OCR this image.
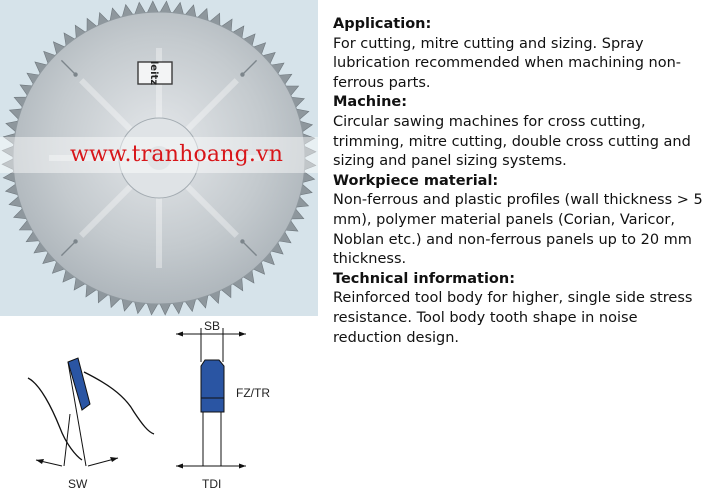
leitz
www.tranhoang.vn
Application:

For cutting, mitre cutting and sizing. Spray lubrication recommended when machining non-ferrous parts.

Machine:

Circular sawing machines for cross cutting, trimming, mitre cutting, double cross cutting and sizing and panel sizing systems.

Workpiece material:

Non-ferrous and plastic profiles (wall thickness > 5 mm), polymer material panels (Corian, Varicor, Noblan etc.) and non-ferrous panels up to 20 mm thickness.

Technical information:

Reinforced tool body for higher, single side stress resistance. Tool body tooth shape in noise reduction design.

SW
SB
FZ/TR
TDI
